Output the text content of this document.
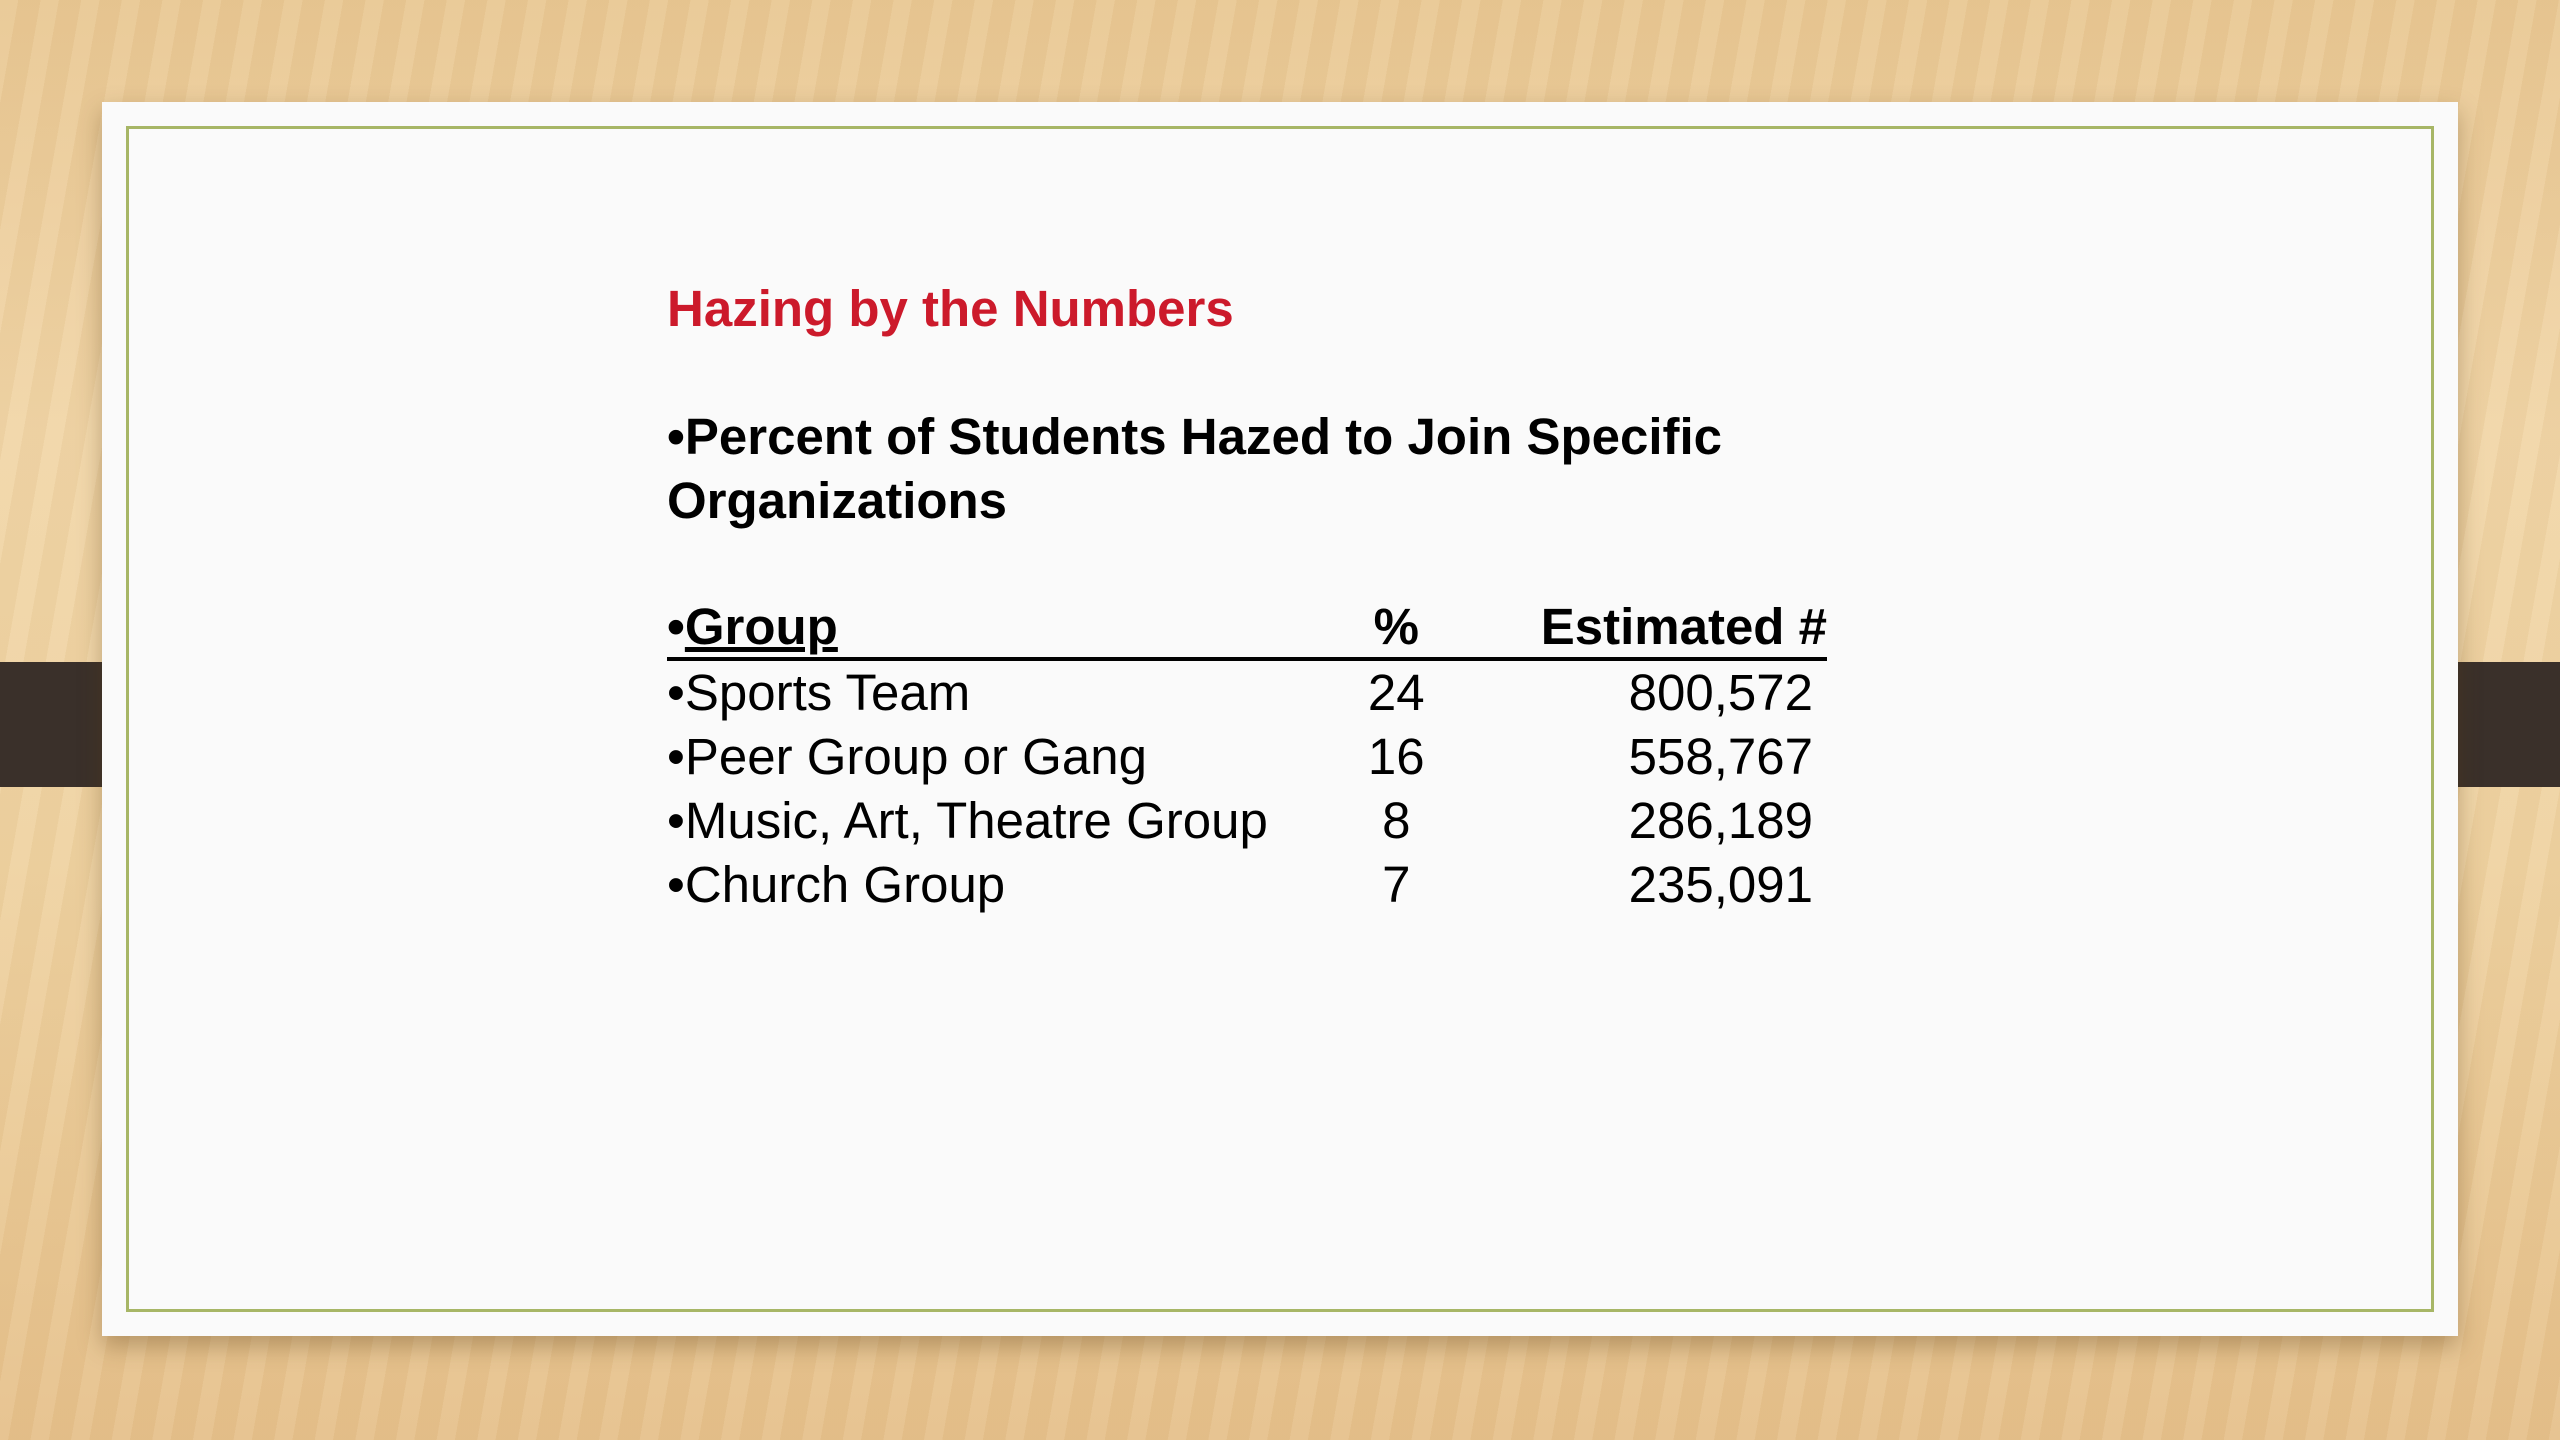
Hazing by the Numbers
•Percent of Students Hazed to Join Specific Organizations
•Group	%	Estimated #
•Sports Team	24	800,572
•Peer Group or Gang	16	558,767
•Music, Art, Theatre Group	8	286,189
•Church Group	7	235,091
